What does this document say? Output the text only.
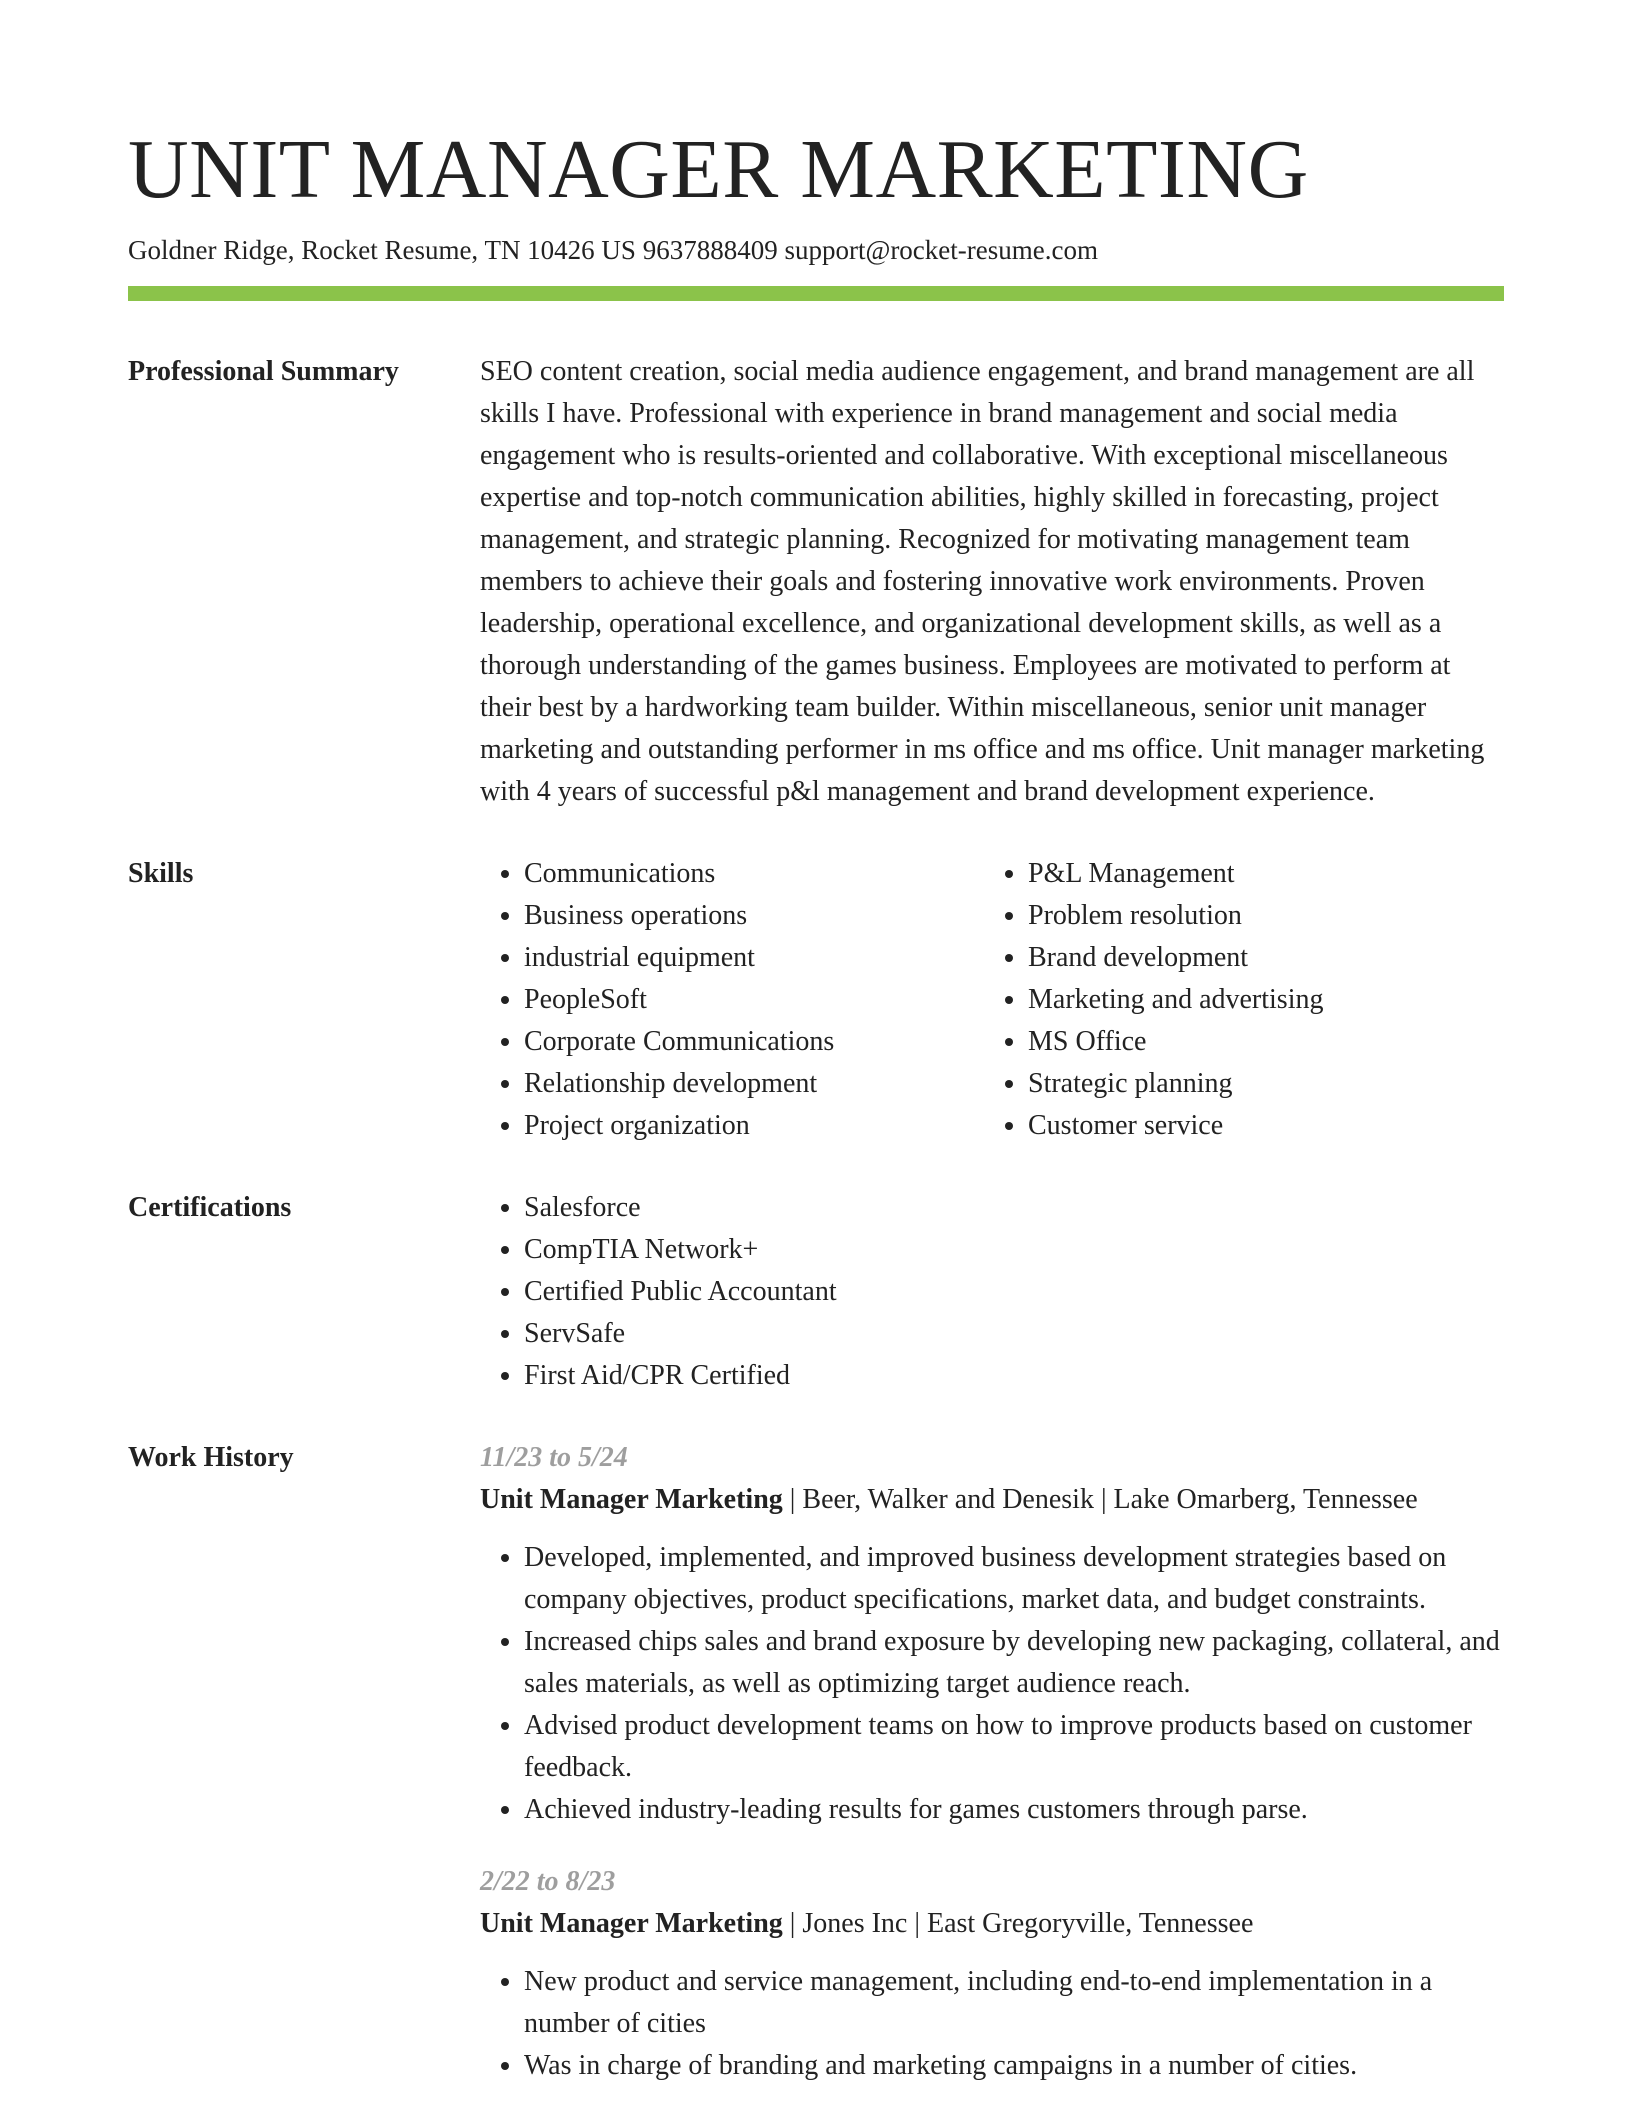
UNIT MANAGER MARKETING
Goldner Ridge, Rocket Resume, TN 10426 US 9637888409 support@rocket-resume.com
Professional Summary	SEO content creation, social media audience engagement, and brand management are all skills I have. Professional with experience in brand management and social media engagement who is results-oriented and collaborative. With exceptional miscellaneous expertise and top-notch communication abilities, highly skilled in forecasting, project management, and strategic planning. Recognized for motivating management team members to achieve their goals and fostering innovative work environments. Proven leadership, operational excellence, and organizational development skills, as well as a thorough understanding of the games business. Employees are motivated to perform at their best by a hardworking team builder. Within miscellaneous, senior unit manager marketing and outstanding performer in ms office and ms office. Unit manager marketing with 4 years of successful p&l management and brand development experience.

Skills	• Communications
• Business operations
• industrial equipment
• PeopleSoft
• Corporate Communications
• Relationship development
• Project organization
• P&L Management
• Problem resolution
• Brand development
• Marketing and advertising
• MS Office
• Strategic planning
• Customer service
Certifications	• Salesforce
• CompTIA Network+
• Certified Public Accountant
• ServSafe
• First Aid/CPR Certified
Work History	11/23 to 5/24
Unit Manager Marketing | Beer, Walker and Denesik | Lake Omarberg, Tennessee
• Developed, implemented, and improved business development strategies based on company objectives, product specifications, market data, and budget constraints.
• Increased chips sales and brand exposure by developing new packaging, collateral, and sales materials, as well as optimizing target audience reach.
• Advised product development teams on how to improve products based on customer feedback.
• Achieved industry-leading results for games customers through parse.
2/22 to 8/23
Unit Manager Marketing | Jones Inc | East Gregoryville, Tennessee
• New product and service management, including end-to-end implementation in a number of cities
• Was in charge of branding and marketing campaigns in a number of cities.
